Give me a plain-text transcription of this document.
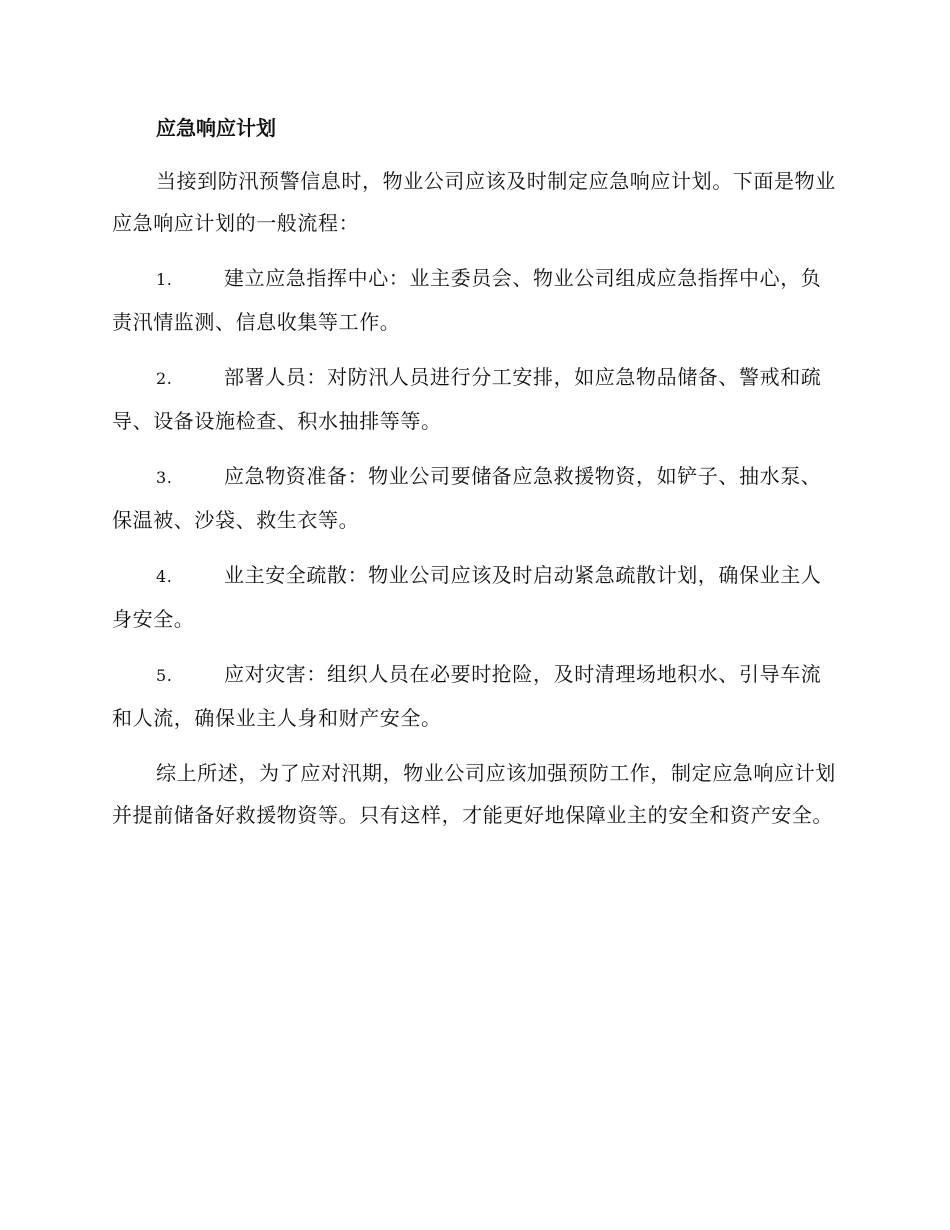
应急响应计划

当接到防汛预警信息时，物业公司应该及时制定应急响应计划。下面是物业应急响应计划的一般流程：

1.	建立应急指挥中心：业主委员会、物业公司组成应急指挥中心，负责汛情监测、信息收集等工作。
2.	部署人员：对防汛人员进行分工安排，如应急物品储备、警戒和疏导、设备设施检查、积水抽排等等。
3.	应急物资准备：物业公司要储备应急救援物资，如铲子、抽水泵、保温被、沙袋、救生衣等。
4.	业主安全疏散：物业公司应该及时启动紧急疏散计划，确保业主人身安全。
5.	应对灾害：组织人员在必要时抢险，及时清理场地积水、引导车流和人流，确保业主人身和财产安全。

综上所述，为了应对汛期，物业公司应该加强预防工作，制定应急响应计划并提前储备好救援物资等。只有这样，才能更好地保障业主的安全和资产安全。
